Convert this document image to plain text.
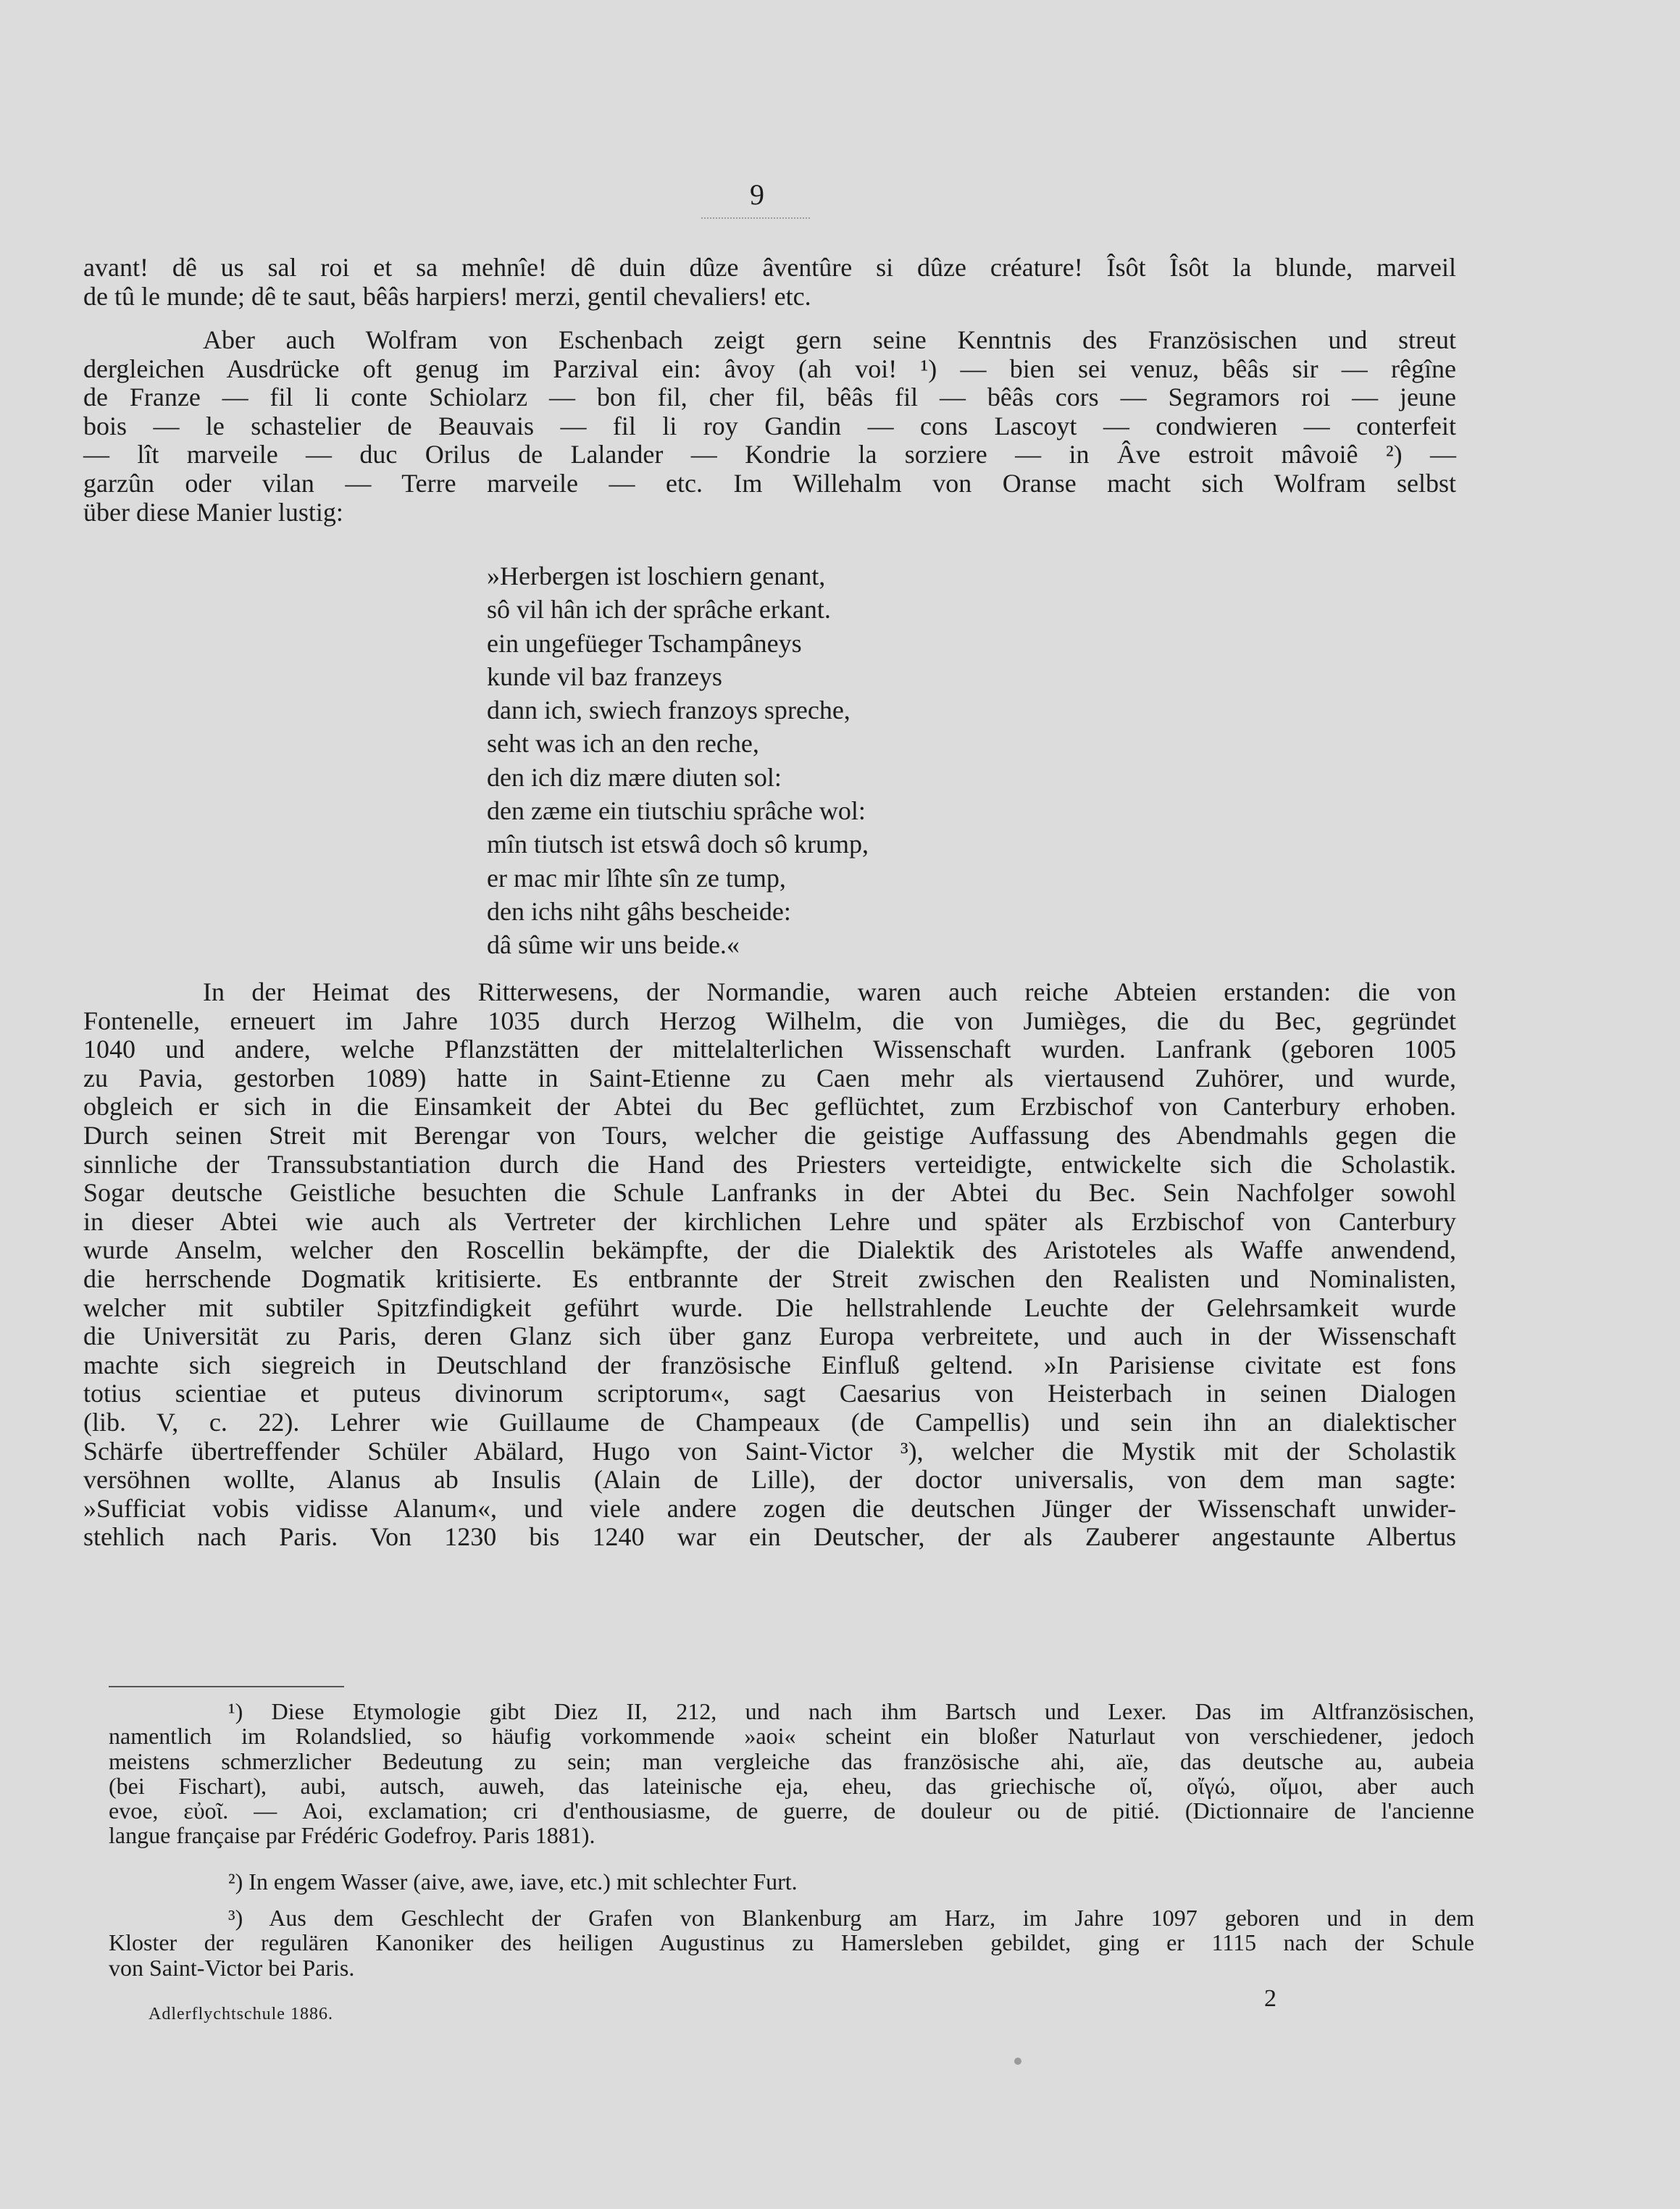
9
avant! dê us sal roi et sa mehnîe! dê duin dûze âventûre si dûze créature! Îsôt Îsôt la blunde, marveil
de tû le munde; dê te saut, bêâs harpiers! merzi, gentil chevaliers! etc.
Aber auch Wolfram von Eschenbach zeigt gern seine Kenntnis des Französischen und streut
dergleichen Ausdrücke oft genug im Parzival ein: âvoy (ah voi! ¹) — bien sei venuz, bêâs sir — rêgîne
de Franze — fil li conte Schiolarz — bon fil, cher fil, bêâs fil — bêâs cors — Segramors roi — jeune
bois — le schastelier de Beauvais — fil li roy Gandin — cons Lascoyt — condwieren — conterfeit
— lît marveile — duc Orilus de Lalander — Kondrie la sorziere — in Âve estroit mâvoiê ²) —
garzûn oder vilan — Terre marveile — etc. Im Willehalm von Oranse macht sich Wolfram selbst
über diese Manier lustig:
»Herbergen ist loschiern genant,
sô vil hân ich der sprâche erkant.
ein ungefüeger Tschampâneys
kunde vil baz franzeys
dann ich, swiech franzoys spreche,
seht was ich an den reche,
den ich diz mære diuten sol:
den zæme ein tiutschiu sprâche wol:
mîn tiutsch ist etswâ doch sô krump,
er mac mir lîhte sîn ze tump,
den ichs niht gâhs bescheide:
dâ sûme wir uns beide.«
In der Heimat des Ritterwesens, der Normandie, waren auch reiche Abteien erstanden: die von
Fontenelle, erneuert im Jahre 1035 durch Herzog Wilhelm, die von Jumièges, die du Bec, gegründet
1040 und andere, welche Pflanzstätten der mittelalterlichen Wissenschaft wurden. Lanfrank (geboren 1005
zu Pavia, gestorben 1089) hatte in Saint-Etienne zu Caen mehr als viertausend Zuhörer, und wurde,
obgleich er sich in die Einsamkeit der Abtei du Bec geflüchtet, zum Erzbischof von Canterbury erhoben.
Durch seinen Streit mit Berengar von Tours, welcher die geistige Auffassung des Abendmahls gegen die
sinnliche der Transsubstantiation durch die Hand des Priesters verteidigte, entwickelte sich die Scholastik.
Sogar deutsche Geistliche besuchten die Schule Lanfranks in der Abtei du Bec. Sein Nachfolger sowohl
in dieser Abtei wie auch als Vertreter der kirchlichen Lehre und später als Erzbischof von Canterbury
wurde Anselm, welcher den Roscellin bekämpfte, der die Dialektik des Aristoteles als Waffe anwendend,
die herrschende Dogmatik kritisierte. Es entbrannte der Streit zwischen den Realisten und Nominalisten,
welcher mit subtiler Spitzfindigkeit geführt wurde. Die hellstrahlende Leuchte der Gelehrsamkeit wurde
die Universität zu Paris, deren Glanz sich über ganz Europa verbreitete, und auch in der Wissenschaft
machte sich siegreich in Deutschland der französische Einfluß geltend. »In Parisiense civitate est fons
totius scientiae et puteus divinorum scriptorum«, sagt Caesarius von Heisterbach in seinen Dialogen
(lib. V, c. 22). Lehrer wie Guillaume de Champeaux (de Campellis) und sein ihn an dialektischer
Schärfe übertreffender Schüler Abälard, Hugo von Saint-Victor ³), welcher die Mystik mit der Scholastik
versöhnen wollte, Alanus ab Insulis (Alain de Lille), der doctor universalis, von dem man sagte:
»Sufficiat vobis vidisse Alanum«, und viele andere zogen die deutschen Jünger der Wissenschaft unwider-
stehlich nach Paris. Von 1230 bis 1240 war ein Deutscher, der als Zauberer angestaunte Albertus
¹) Diese Etymologie gibt Diez II, 212, und nach ihm Bartsch und Lexer. Das im Altfranzösischen,
namentlich im Rolandslied, so häufig vorkommende »aoi« scheint ein bloßer Naturlaut von verschiedener, jedoch
meistens schmerzlicher Bedeutung zu sein; man vergleiche das französische ahi, aïe, das deutsche au, aubeia
(bei Fischart), aubi, autsch, auweh, das lateinische eja, eheu, das griechische οἵ, οἴγώ, οἴμοι, aber auch
evoe, εὐοῖ. — Aoi, exclamation; cri d'enthousiasme, de guerre, de douleur ou de pitié. (Dictionnaire de l'ancienne
langue française par Frédéric Godefroy. Paris 1881).
²) In engem Wasser (aive, awe, iave, etc.) mit schlechter Furt.
³) Aus dem Geschlecht der Grafen von Blankenburg am Harz, im Jahre 1097 geboren und in dem
Kloster der regulären Kanoniker des heiligen Augustinus zu Hamersleben gebildet, ging er 1115 nach der Schule
von Saint-Victor bei Paris.
Adlerflychtschule 1886.
2
